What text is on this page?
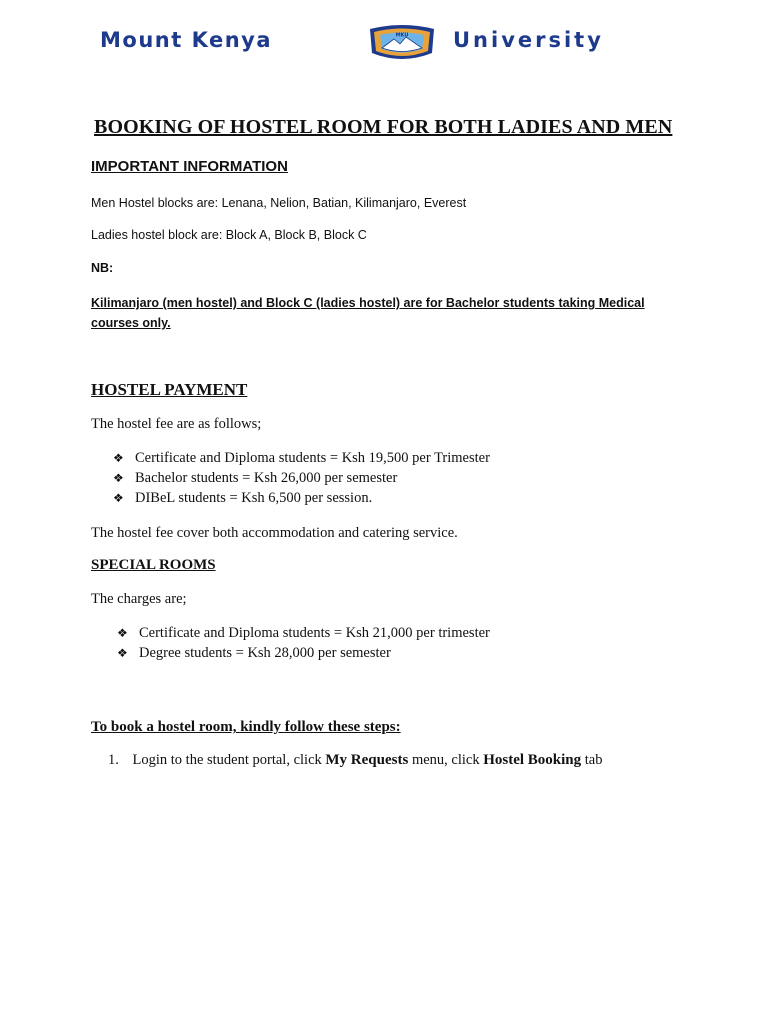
Mount Kenya	MKU University
BOOKING OF HOSTEL ROOM FOR BOTH LADIES AND MEN
IMPORTANT INFORMATION
Men Hostel blocks are: Lenana, Nelion, Batian, Kilimanjaro, Everest
Ladies hostel block are: Block A, Block B, Block C
NB:
Kilimanjaro (men hostel) and Block C (ladies hostel) are for Bachelor students taking Medical courses only.
HOSTEL PAYMENT
The hostel fee are as follows;
❖ Certificate and Diploma students = Ksh 19,500 per Trimester
❖ Bachelor students = Ksh 26,000 per semester
❖ DIBeL students = Ksh 6,500 per session.
The hostel fee cover both accommodation and catering service.
SPECIAL ROOMS
The charges are;
❖ Certificate and Diploma students = Ksh 21,000 per trimester
❖ Degree students = Ksh 28,000 per semester
To book a hostel room, kindly follow these steps:
1. Login to the student portal, click My Requests menu, click Hostel Booking tab
